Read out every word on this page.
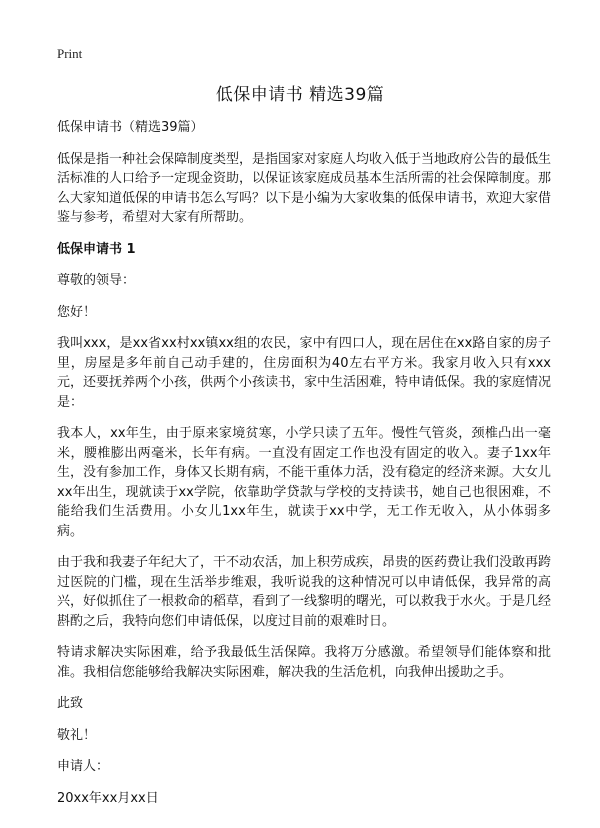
Print
低保申请书 精选39篇

低保申请书（精选39篇）

低保是指一种社会保障制度类型，是指国家对家庭人均收入低于当地政府公告的最低生活标准的人口给予一定现金资助，以保证该家庭成员基本生活所需的社会保障制度。那么大家知道低保的申请书怎么写吗？以下是小编为大家收集的低保申请书，欢迎大家借鉴与参考，希望对大家有所帮助。

低保申请书 1

尊敬的领导：

您好！

我叫xxx，是xx省xx村xx镇xx组的农民，家中有四口人，现在居住在xx路自家的房子里，房屋是多年前自己动手建的，住房面积为40左右平方米。我家月收入只有xxx元，还要抚养两个小孩，供两个小孩读书，家中生活困难，特申请低保。我的家庭情况是：

我本人，xx年生，由于原来家境贫寒，小学只读了五年。慢性气管炎，颈椎凸出一毫米，腰椎膨出两毫米，长年有病。一直没有固定工作也没有固定的收入。妻子1xx年生，没有参加工作，身体又长期有病，不能干重体力活，没有稳定的经济来源。大女儿xx年出生，现就读于xx学院，依靠助学贷款与学校的支持读书，她自己也很困难，不能给我们生活费用。小女儿1xx年生，就读于xx中学，无工作无收入，从小体弱多病。

由于我和我妻子年纪大了，干不动农活，加上积劳成疾，昂贵的医药费让我们没敢再跨过医院的门槛，现在生活举步维艰，我听说我的这种情况可以申请低保，我异常的高兴，好似抓住了一根救命的稻草，看到了一线黎明的曙光，可以救我于水火。于是几经斟酌之后，我特向您们申请低保，以度过目前的艰难时日。

特请求解决实际困难，给予我最低生活保障。我将万分感激。希望领导们能体察和批准。我相信您能够给我解决实际困难，解决我的生活危机，向我伸出援助之手。

此致

敬礼！

申请人：

20xx年xx月xx日
